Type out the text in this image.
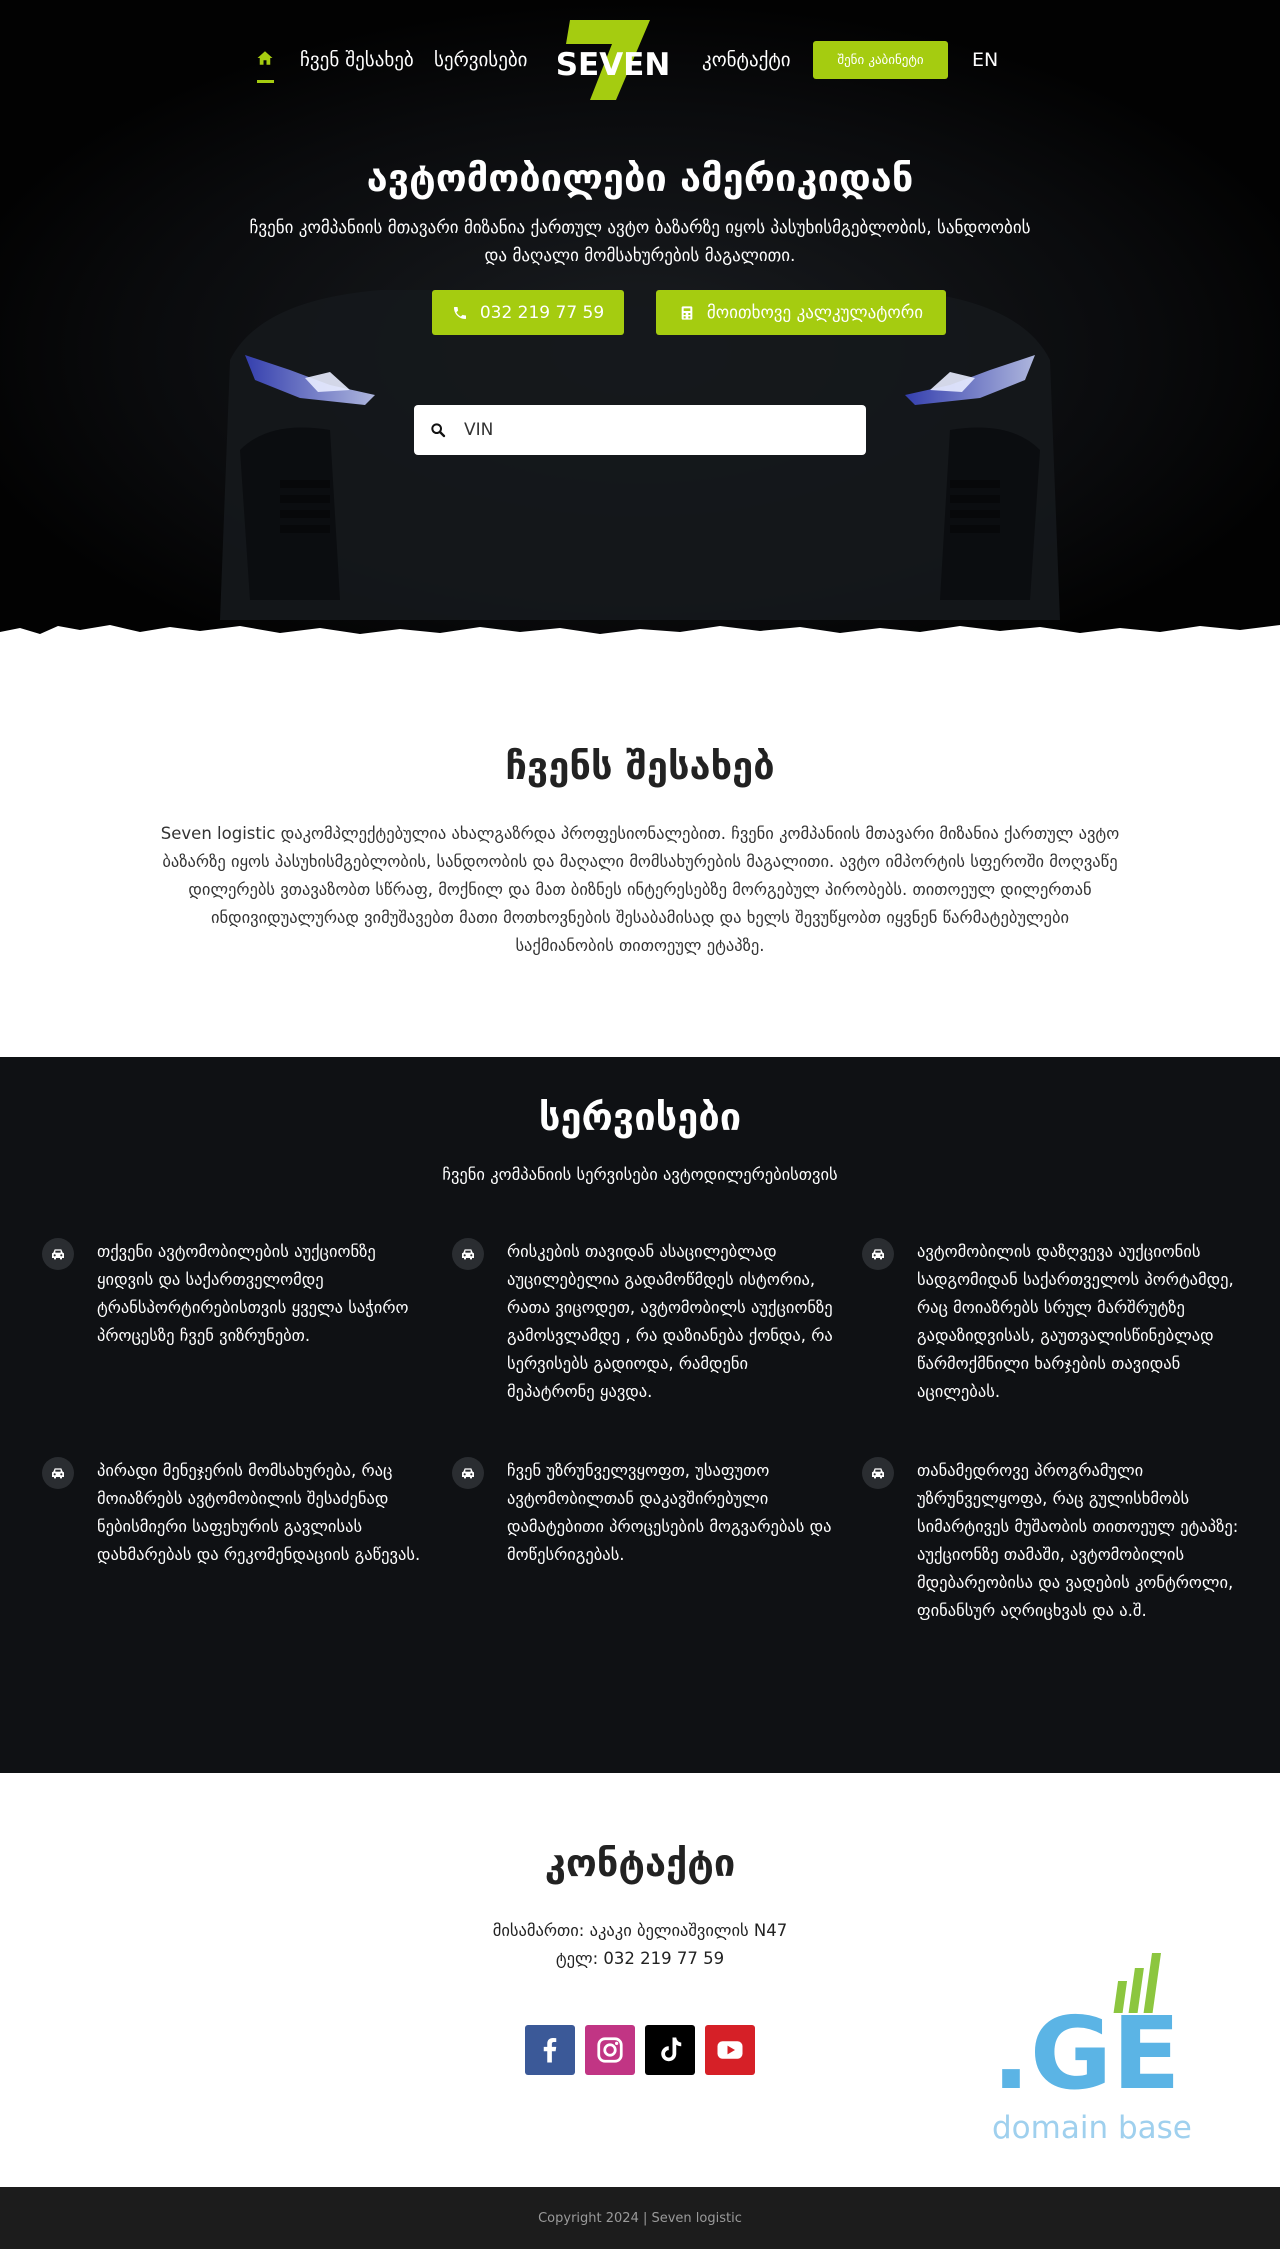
ჩვენ შესახებ სერვისები SEVEN კონტაქტი	შენი კაბინეტი	EN
ავტომობილები ამერიკიდან

ჩვენი კომპანიის მთავარი მიზანია ქართულ ავტო ბაზარზე იყოს პასუხისმგებლობის, სანდოობის და მაღალი მომსახურების მაგალითი.

032 219 77 59	მოითხოვე კალკულატორი
VIN
ჩვენს შესახებ

Seven logistic დაკომპლექტებულია ახალგაზრდა პროფესიონალებით. ჩვენი კომპანიის მთავარი მიზანია ქართულ ავტო ბაზარზე იყოს პასუხისმგებლობის, სანდოობის და მაღალი მომსახურების მაგალითი. ავტო იმპორტის სფეროში მოღვაწე დილერებს ვთავაზობთ სწრაფ, მოქნილ და მათ ბიზნეს ინტერესებზე მორგებულ პირობებს. თითოეულ დილერთან ინდივიდუალურად ვიმუშავებთ მათი მოთხოვნების შესაბამისად და ხელს შევუწყობთ იყვნენ წარმატებულები საქმიანობის თითოეულ ეტაპზე.

სერვისები

ჩვენი კომპანიის სერვისები ავტოდილერებისთვის

თქვენი ავტომობილების აუქციონზე ყიდვის და საქართველომდე ტრანსპორტირებისთვის ყველა საჭირო პროცესზე ჩვენ ვიზრუნებთ.

რისკების თავიდან ასაცილებლად აუცილებელია გადამოწმდეს ისტორია, რათა ვიცოდეთ, ავტომობილს აუქციონზე გამოსვლამდე , რა დაზიანება ქონდა, რა სერვისებს გადიოდა, რამდენი მეპატრონე ყავდა.

ავტომობილის დაზღვევა აუქციონის სადგომიდან საქართველოს პორტამდე, რაც მოიაზრებს სრულ მარშრუტზე გადაზიდვისას, გაუთვალისწინებლად წარმოქმნილი ხარჯების თავიდან აცილებას.

პირადი მენეჯერის მომსახურება, რაც მოიაზრებს ავტომობილის შესაძენად ნებისმიერი საფეხურის გავლისას დახმარებას და რეკომენდაციის გაწევას.

ჩვენ უზრუნველვყოფთ, უსაფუთო ავტომობილთან დაკავშირებული დამატებითი პროცესების მოგვარებას და მოწესრიგებას.

თანამედროვე პროგრამული უზრუნველყოფა, რაც გულისხმობს სიმარტივეს მუშაობის თითოეულ ეტაპზე: აუქციონზე თამაში, ავტომობილის მდებარეობისა და ვადების კონტროლი, ფინანსურ აღრიცხვას და ა.შ.

კონტაქტი

მისამართი: აკაკი ბელიაშვილის N47

ტელ: 032 219 77 59

.GE
domain base
Copyright 2024 | Seven logistic
